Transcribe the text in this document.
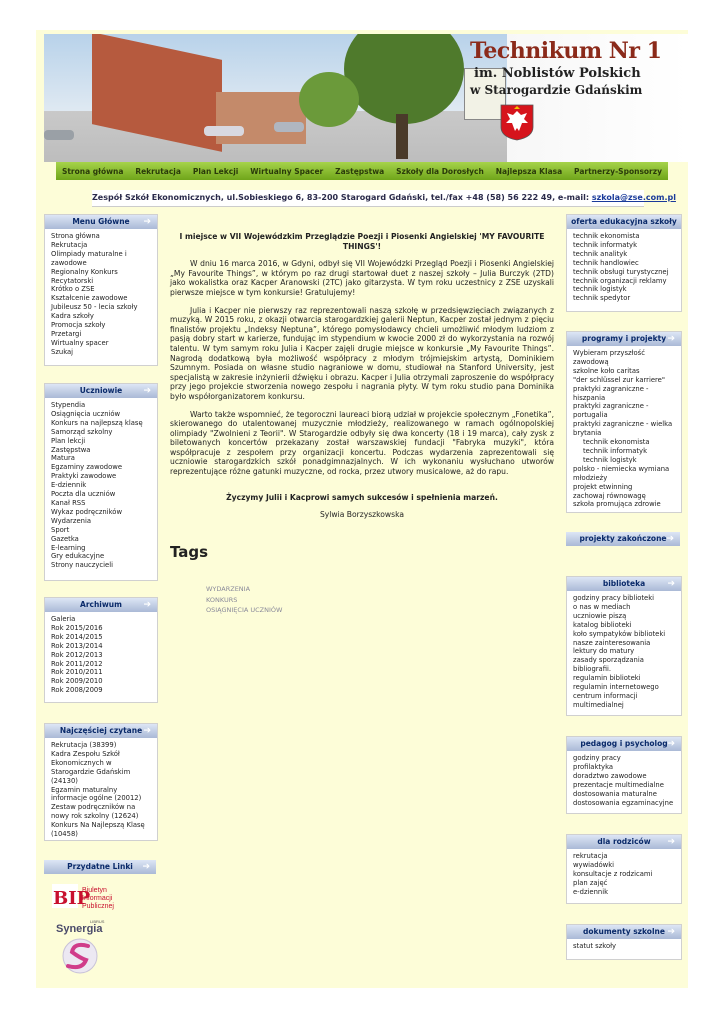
Technikum Nr 1
im. Noblistów Polskich
w Starogardzie Gdańskim
Strona główna Rekrutacja Plan Lekcji Wirtualny Spacer Zastępstwa Szkoły dla Dorosłych Najlepsza Klasa Partnerzy-Sponsorzy
Zespół Szkół Ekonomicznych, ul.Sobieskiego 6, 83-200 Starogard Gdański, tel./fax +48 (58) 56 222 49, e-mail: szkola@zse.com.pl
Menu Główne ➔
Strona główna
Rekrutacja
Olimpiady maturalne i zawodowe
Regionalny Konkurs Recytatorski
Krótko o ZSE
Kształcenie zawodowe
Jubileusz 50 - lecia szkoły
Kadra szkoły
Promocja szkoły
Przetargi
Wirtualny spacer
Szukaj
Uczniowie ➔
Stypendia
Osiągnięcia uczniów
Konkurs na najlepszą klasę
Samorząd szkolny
Plan lekcji
Zastępstwa
Matura
Egzaminy zawodowe
Praktyki zawodowe
E-dziennik
Poczta dla uczniów
Kanał RSS
Wykaz podręczników
Wydarzenia
Sport
Gazetka
E-learning
Gry edukacyjne
Strony nauczycieli
Archiwum ➔
Galeria
Rok 2015/2016
Rok 2014/2015
Rok 2013/2014
Rok 2012/2013
Rok 2011/2012
Rok 2010/2011
Rok 2009/2010
Rok 2008/2009
Najczęściej czytane ➔
Rekrutacja (38399)
Kadra Zespołu Szkół Ekonomicznych w Starogardzie Gdańskim (24130)
Egzamin maturalny informacje ogólne (20012)
Zestaw podręczników na nowy rok szkolny (12624)
Konkurs Na Najlepszą Klasę (10458)
Przydatne Linki ➔
BIP
Biuletyn
Informacji
Publicznej
LIBRUS
Synergia
I miejsce w VII Wojewódzkim Przeglądzie Poezji i Piosenki Angielskiej 'MY FAVOURITE THINGS'!

W dniu 16 marca 2016, w Gdyni, odbył się VII Wojewódzki Przegląd Poezji i Piosenki Angielskiej „My Favourite Things”, w którym po raz drugi startował duet z naszej szkoły – Julia Burczyk (2TD) jako wokalistka oraz Kacper Aranowski (2TC) jako gitarzysta. W tym roku uczestnicy z ZSE uzyskali pierwsze miejsce w tym konkursie! Gratulujemy!

Julia i Kacper nie pierwszy raz reprezentowali naszą szkołę w przedsięwzięciach związanych z muzyką. W 2015 roku, z okazji otwarcia starogardzkiej galerii Neptun, Kacper został jednym z pięciu finalistów projektu „Indeksy Neptuna”, którego pomysłodawcy chcieli umożliwić młodym ludziom z pasją dobry start w karierze, fundując im stypendium w kwocie 2000 zł do wykorzystania na rozwój talentu. W tym samym roku Julia i Kacper zajęli drugie miejsce w konkursie „My Favourite Things”. Nagrodą dodatkową była możliwość współpracy z młodym trójmiejskim artystą, Dominikiem Szumnym. Posiada on własne studio nagraniowe w domu, studiował na Stanford University, jest specjalistą w zakresie inżynierii dźwięku i obrazu. Kacper i Julia otrzymali zaproszenie do współpracy przy jego projekcie stworzenia nowego zespołu i nagrania płyty. W tym roku studio pana Dominika było współorganizatorem konkursu.

Warto także wspomnieć, że tegoroczni laureaci biorą udział w projekcie społecznym „Fonetika”, skierowanego do utalentowanej muzycznie młodzieży, realizowanego w ramach ogólnopolskiej olimpiady "Zwolnieni z Teorii". W Starogardzie odbyły się dwa koncerty (18 i 19 marca), cały zysk z biletowanych koncertów przekazany został warszawskiej fundacji "Fabryka muzyki", która współpracuje z zespołem przy organizacji koncertu. Podczas wydarzenia zaprezentowali się uczniowie starogardzkich szkół ponadgimnazjalnych. W ich wykonaniu wysłuchano utworów reprezentujące różne gatunki muzyczne, od rocka, przez utwory musicalowe, aż do rapu.

Życzymy Julii i Kacprowi samych sukcesów i spełnienia marzeń.

Sylwia Borzyszkowska

Tags
WYDARZENIA
KONKURS
OSIĄGNIĘCIA UCZNIÓW
oferta edukacyjna szkoły
technik ekonomista
technik informatyk
technik analityk
technik handlowiec
technik obsługi turystycznej
technik organizacji reklamy
technik logistyk
technik spedytor
programy i projekty ➔
Wybieram przyszłość zawodową
szkolne koło caritas
"der schlüssel zur karriere"
praktyki zagraniczne - hiszpania
praktyki zagraniczne - portugalia
praktyki zagraniczne - wielka brytania
technik ekonomista
technik informatyk
technik logistyk
polsko - niemiecka wymiana młodzieży
projekt etwinning
zachowaj równowagę
szkoła promująca zdrowie
projekty zakończone ➔
biblioteka ➔
godziny pracy biblioteki
o nas w mediach
uczniowie piszą
katalog biblioteki
koło sympatyków biblioteki
nasze zainteresowania
lektury do matury
zasady sporządzania bibliografii.
regulamin biblioteki
regulamin internetowego centrum informacji multimedialnej
pedagog i psycholog ➔
godziny pracy
profilaktyka
doradztwo zawodowe
prezentacje multimedialne
dostosowania maturalne
dostosowania egzaminacyjne
dla rodziców ➔
rekrutacja
wywiadówki
konsultacje z rodzicami
plan zajęć
e-dziennik
dokumenty szkolne ➔
statut szkoły
